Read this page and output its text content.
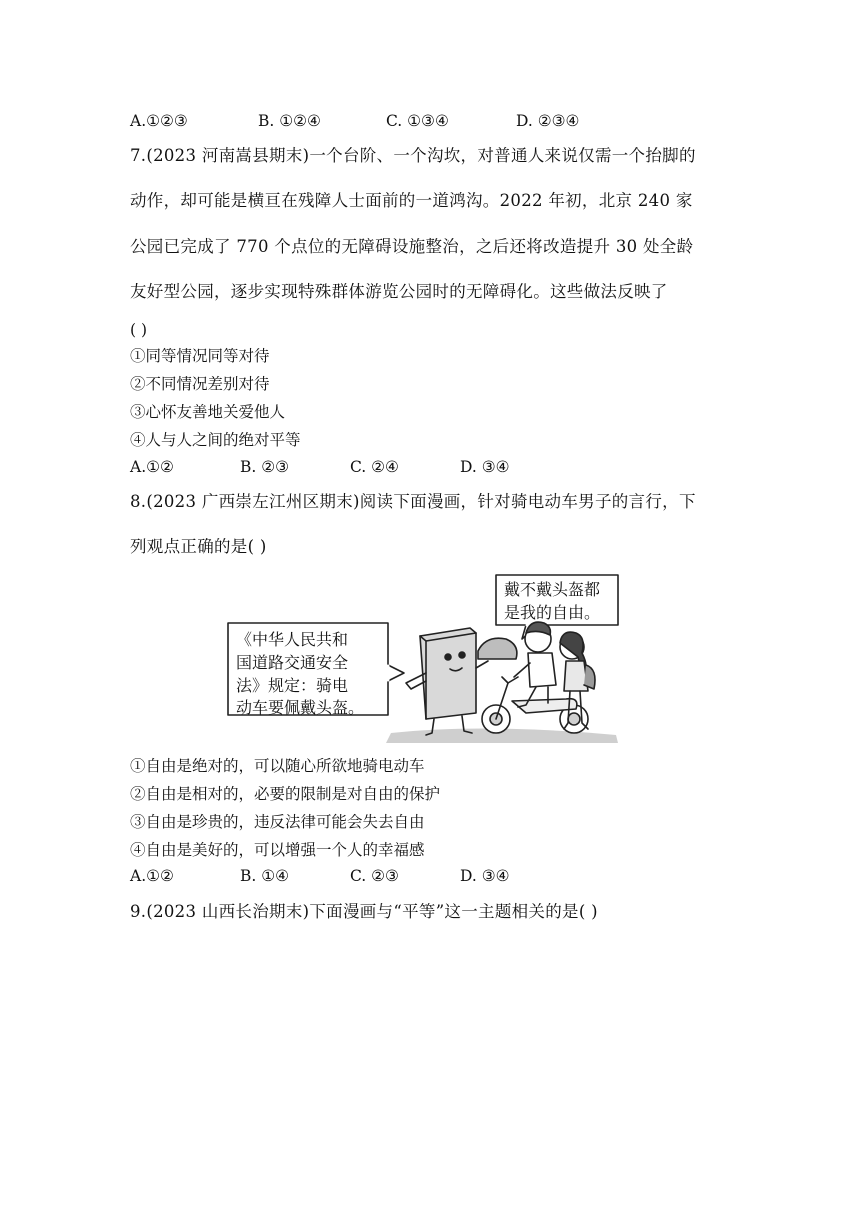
A.①②③	B. ①②④	C. ①③④	D. ②③④
7.(2023 河南嵩县期末)一个台阶、一个沟坎，对普通人来说仅需一个抬脚的
动作，却可能是横亘在残障人士面前的一道鸿沟。2022 年初，北京 240 家
公园已完成了 770 个点位的无障碍设施整治，之后还将改造提升 30 处全龄
友好型公园，逐步实现特殊群体游览公园时的无障碍化。这些做法反映了
( )
①同等情况同等对待
②不同情况差别对待
③心怀友善地关爱他人
④人与人之间的绝对平等
A.①②	B. ②③	C. ②④	D. ③④
8.(2023 广西崇左江州区期末)阅读下面漫画，针对骑电动车男子的言行，下
列观点正确的是( )
《中华人民共和
国道路交通安全
法》规定：骑电
动车要佩戴头盔。
戴不戴头盔都
是我的自由。
①自由是绝对的，可以随心所欲地骑电动车
②自由是相对的，必要的限制是对自由的保护
③自由是珍贵的，违反法律可能会失去自由
④自由是美好的，可以增强一个人的幸福感
A.①②	B. ①④	C. ②③	D. ③④
9.(2023 山西长治期末)下面漫画与“平等”这一主题相关的是( )
